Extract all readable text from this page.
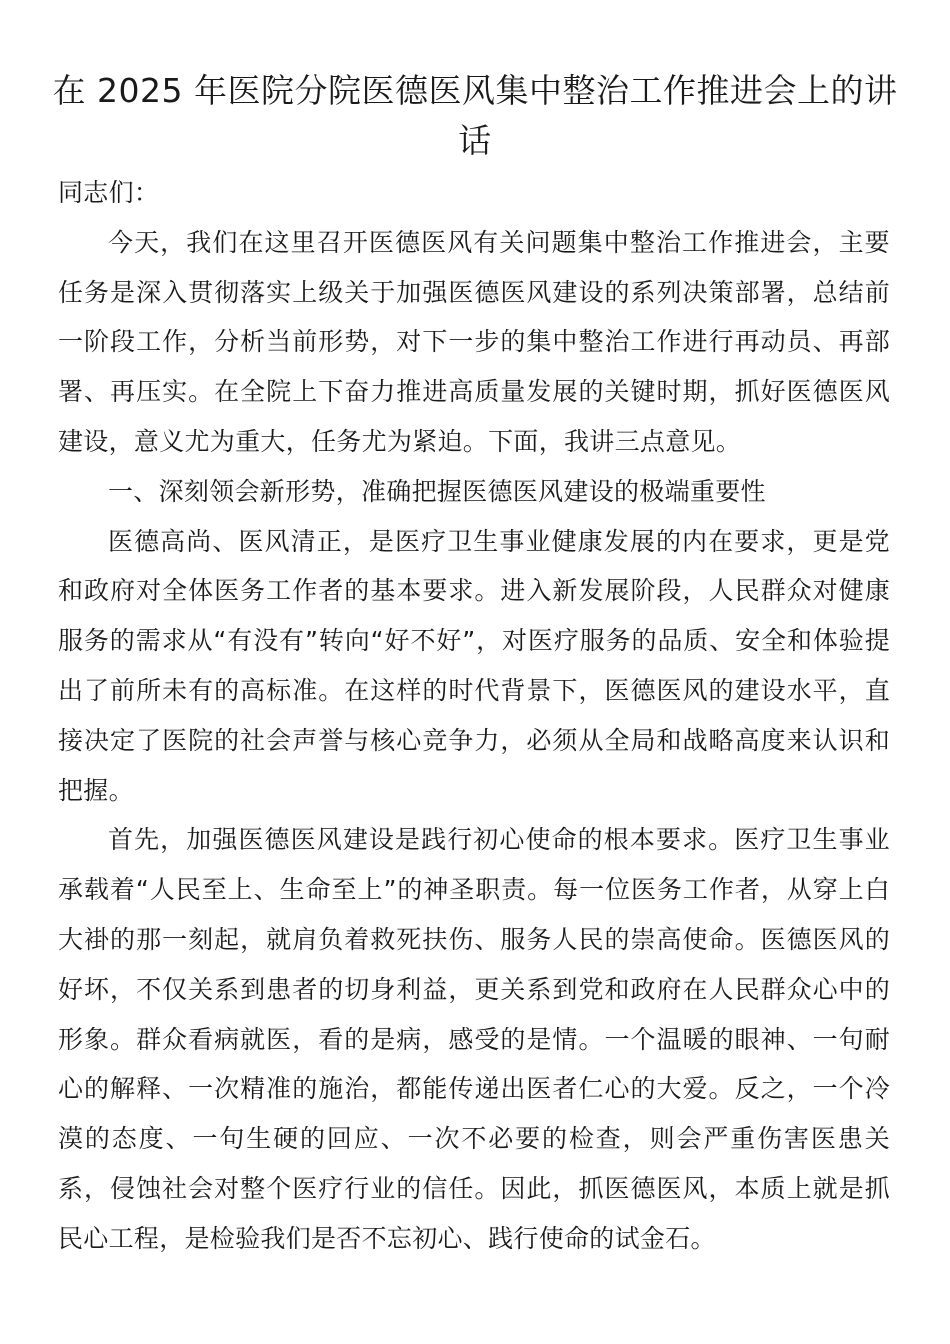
在 2025 年医院分院医德医风集中整治工作推进会上的讲话

同志们：

今天，我们在这里召开医德医风有关问题集中整治工作推进会，主要任务是深入贯彻落实上级关于加强医德医风建设的系列决策部署，总结前一阶段工作，分析当前形势，对下一步的集中整治工作进行再动员、再部署、再压实。在全院上下奋力推进高质量发展的关键时期，抓好医德医风建设，意义尤为重大，任务尤为紧迫。下面，我讲三点意见。

一、深刻领会新形势，准确把握医德医风建设的极端重要性

医德高尚、医风清正，是医疗卫生事业健康发展的内在要求，更是党和政府对全体医务工作者的基本要求。进入新发展阶段，人民群众对健康服务的需求从“有没有”转向“好不好”，对医疗服务的品质、安全和体验提出了前所未有的高标准。在这样的时代背景下，医德医风的建设水平，直接决定了医院的社会声誉与核心竞争力，必须从全局和战略高度来认识和把握。

首先，加强医德医风建设是践行初心使命的根本要求。医疗卫生事业承载着“人民至上、生命至上”的神圣职责。每一位医务工作者，从穿上白大褂的那一刻起，就肩负着救死扶伤、服务人民的崇高使命。医德医风的好坏，不仅关系到患者的切身利益，更关系到党和政府在人民群众心中的形象。群众看病就医，看的是病，感受的是情。一个温暖的眼神、一句耐心的解释、一次精准的施治，都能传递出医者仁心的大爱。反之，一个冷漠的态度、一句生硬的回应、一次不必要的检查，则会严重伤害医患关系，侵蚀社会对整个医疗行业的信任。因此，抓医德医风，本质上就是抓民心工程，是检验我们是否不忘初心、践行使命的试金石。
